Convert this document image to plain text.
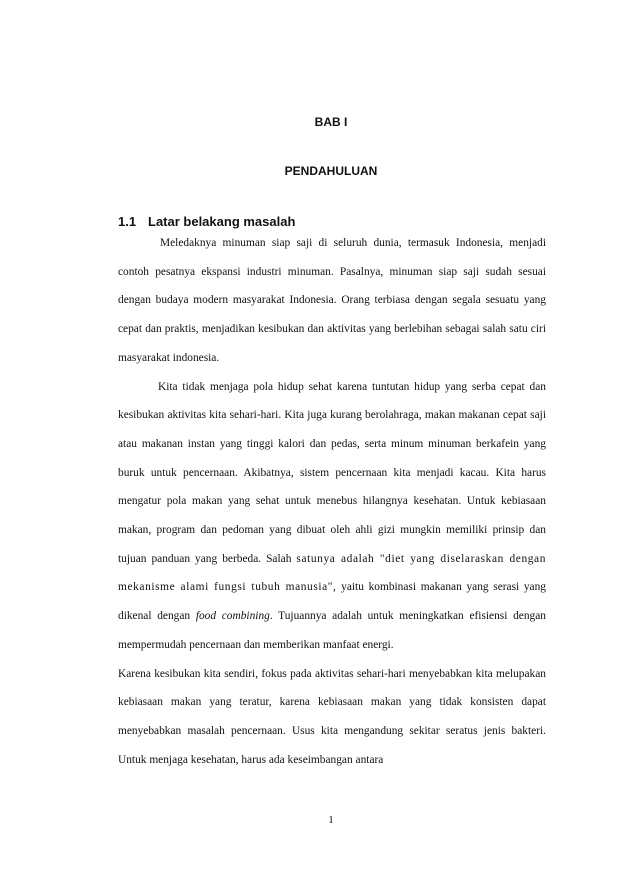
BAB I
PENDAHULUAN
1.1 Latar belakang masalah

Meledaknya minuman siap saji di seluruh dunia, termasuk Indonesia, menjadi contoh pesatnya ekspansi industri minuman. Pasalnya, minuman siap saji sudah sesuai dengan budaya modern masyarakat Indonesia. Orang terbiasa dengan segala sesuatu yang cepat dan praktis, menjadikan kesibukan dan aktivitas yang berlebihan sebagai salah satu ciri masyarakat indonesia.

Kita tidak menjaga pola hidup sehat karena tuntutan hidup yang serba cepat dan kesibukan aktivitas kita sehari-hari. Kita juga kurang berolahraga, makan makanan cepat saji atau makanan instan yang tinggi kalori dan pedas, serta minum minuman berkafein yang buruk untuk pencernaan. Akibatnya, sistem pencernaan kita menjadi kacau. Kita harus mengatur pola makan yang sehat untuk menebus hilangnya kesehatan. Untuk kebiasaan makan, program dan pedoman yang dibuat oleh ahli gizi mungkin memiliki prinsip dan tujuan panduan yang berbeda. Salah satunya adalah "diet yang diselaraskan dengan mekanisme alami fungsi tubuh manusia", yaitu kombinasi makanan yang serasi yang dikenal dengan food combining. Tujuannya adalah untuk meningkatkan efisiensi dengan mempermudah pencernaan dan memberikan manfaat energi.

Karena kesibukan kita sendiri, fokus pada aktivitas sehari-hari menyebabkan kita melupakan kebiasaan makan yang teratur, karena kebiasaan makan yang tidak konsisten dapat menyebabkan masalah pencernaan. Usus kita mengandung sekitar seratus jenis bakteri. Untuk menjaga kesehatan, harus ada keseimbangan antara

1
